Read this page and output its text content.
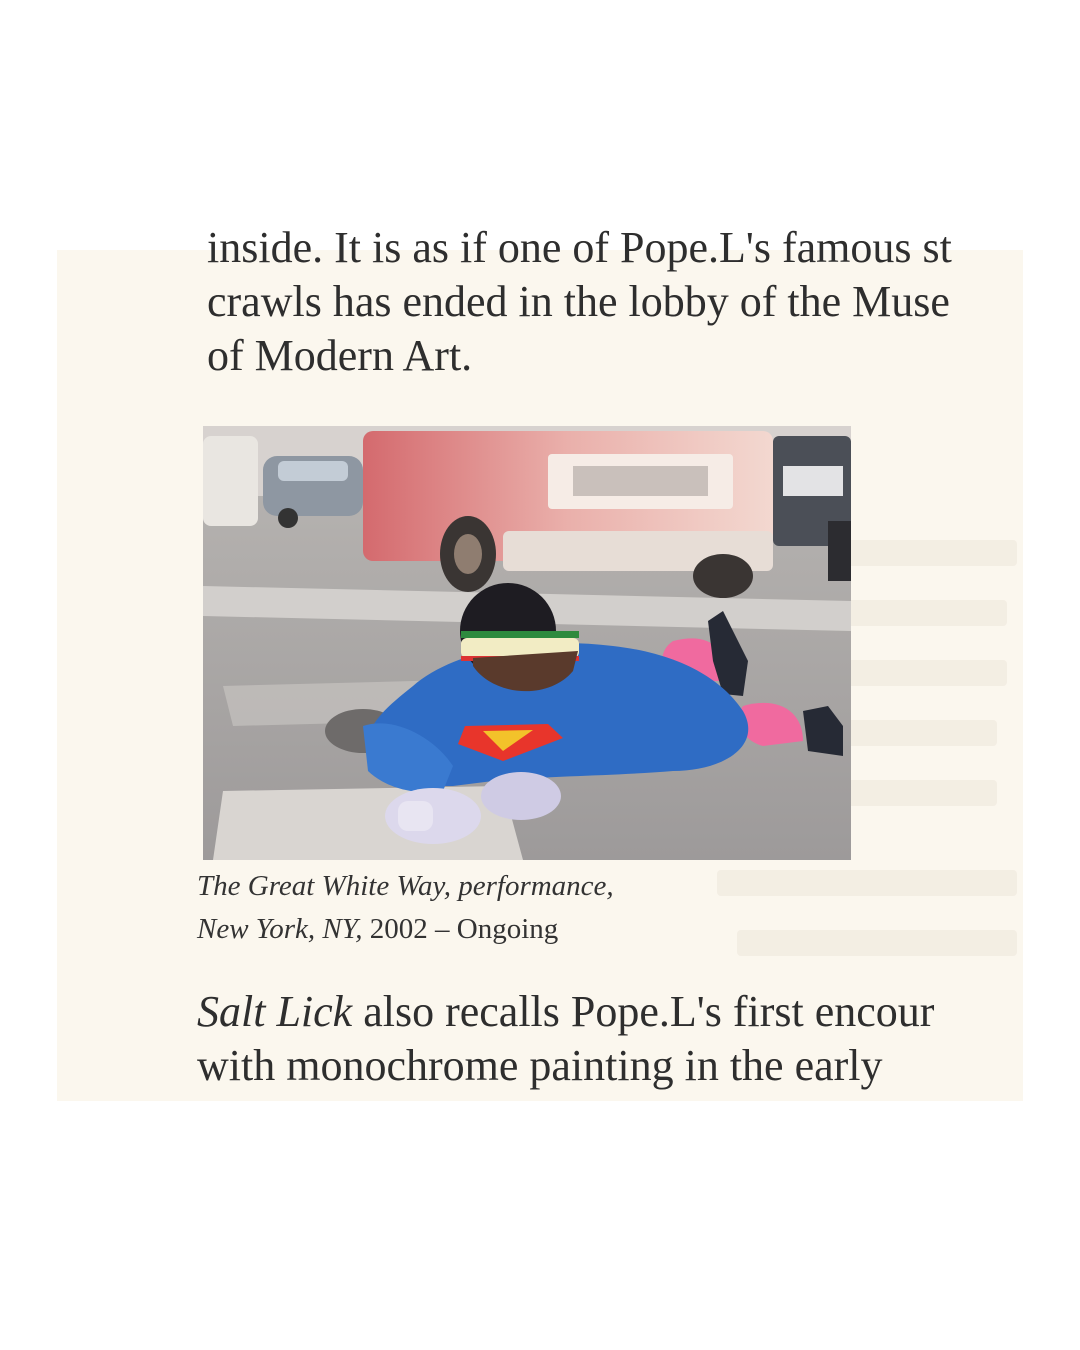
inside. It is as if one of Pope.L's famous st
crawls has ended in the lobby of the Muse
of Modern Art.
The Great White Way, performance,
New York, NY, 2002 – Ongoing
Salt Lick also recalls Pope.L's first encour
with monochrome painting in the early
